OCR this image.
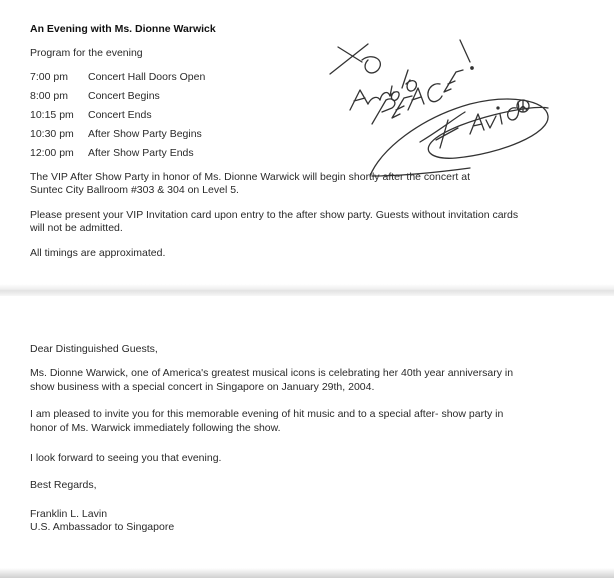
An Evening with Ms. Dionne Warwick
Program for the evening
7:00 pm Concert Hall Doors Open
8:00 pm Concert Begins
10:15 pm Concert Ends
10:30 pm After Show Party Begins
12:00 pm After Show Party Ends
The VIP After Show Party in honor of Ms. Dionne Warwick will begin shortly after the concert at
Suntec City Ballroom #303 & 304 on Level 5.
Please present your VIP Invitation card upon entry to the after show party. Guests without invitation cards
will not be admitted.
All timings are approximated.
Dear Distinguished Guests,
Ms. Dionne Warwick, one of America's greatest musical icons is celebrating her 40th year anniversary in
show business with a special concert in Singapore on January 29th, 2004.
I am pleased to invite you for this memorable evening of hit music and to a special after- show party in
honor of Ms. Warwick immediately following the show.
I look forward to seeing you that evening.
Best Regards,
Franklin L. Lavin
U.S. Ambassador to Singapore
